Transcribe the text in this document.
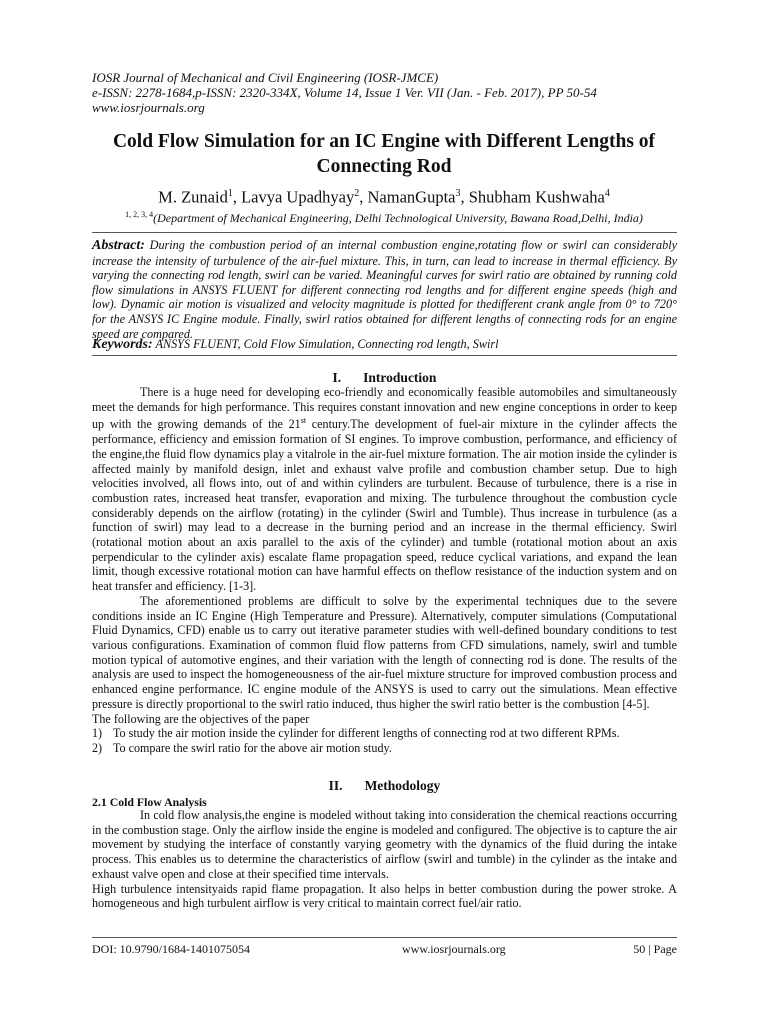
IOSR Journal of Mechanical and Civil Engineering (IOSR-JMCE)
e-ISSN: 2278-1684,p-ISSN: 2320-334X, Volume 14, Issue 1 Ver. VII (Jan. - Feb. 2017), PP 50-54
www.iosrjournals.org
Cold Flow Simulation for an IC Engine with Different Lengths of
Connecting Rod
M. Zunaid$^1$, Lavya Upadhyay$^2$, NamanGupta$^3$, Shubham Kushwaha$^4$
$^{1, 2, 3, 4}$(Department of Mechanical Engineering, Delhi Technological University, Bawana Road,Delhi, India)
Abstract: During the combustion period of an internal combustion engine,rotating flow or swirl can considerably increase the intensity of turbulence of the air-fuel mixture. This, in turn, can lead to increase in thermal efficiency. By varying the connecting rod length, swirl can be varied. Meaningful curves for swirl ratio are obtained by running cold flow simulations in ANSYS FLUENT for different connecting rod lengths and for different engine speeds (high and low). Dynamic air motion is visualized and velocity magnitude is plotted for thedifferent crank angle from 0° to 720° for the ANSYS IC Engine module. Finally, swirl ratios obtained for different lengths of connecting rods for an engine speed are compared.
Keywords: ANSYS FLUENT, Cold Flow Simulation, Connecting rod length, Swirl
I. Introduction

There is a huge need for developing eco-friendly and economically feasible automobiles and simultaneously meet the demands for high performance. This requires constant innovation and new engine conceptions in order to keep up with the growing demands of the 21st century.The development of fuel-air mixture in the cylinder affects the performance, efficiency and emission formation of SI engines. To improve combustion, performance, and efficiency of the engine,the fluid flow dynamics play a vitalrole in the air-fuel mixture formation. The air motion inside the cylinder is affected mainly by manifold design, inlet and exhaust valve profile and combustion chamber setup. Due to high velocities involved, all flows into, out of and within cylinders are turbulent. Because of turbulence, there is a rise in combustion rates, increased heat transfer, evaporation and mixing. The turbulence throughout the combustion cycle considerably depends on the airflow (rotating) in the cylinder (Swirl and Tumble). Thus increase in turbulence (as a function of swirl) may lead to a decrease in the burning period and an increase in the thermal efficiency. Swirl (rotational motion about an axis parallel to the axis of the cylinder) and tumble (rotational motion about an axis perpendicular to the cylinder axis) escalate flame propagation speed, reduce cyclical variations, and expand the lean limit, though excessive rotational motion can have harmful effects on theflow resistance of the induction system and on heat transfer and efficiency. [1-3].

The aforementioned problems are difficult to solve by the experimental techniques due to the severe conditions inside an IC Engine (High Temperature and Pressure). Alternatively, computer simulations (Computational Fluid Dynamics, CFD) enable us to carry out iterative parameter studies with well-defined boundary conditions to test various configurations. Examination of common fluid flow patterns from CFD simulations, namely, swirl and tumble motion typical of automotive engines, and their variation with the length of connecting rod is done. The results of the analysis are used to inspect the homogeneousness of the air-fuel mixture structure for improved combustion process and enhanced engine performance. IC engine module of the ANSYS is used to carry out the simulations. Mean effective pressure is directly proportional to the swirl ratio induced, thus higher the swirl ratio better is the combustion [4-5].

The following are the objectives of the paper

1) To study the air motion inside the cylinder for different lengths of connecting rod at two different RPMs.
2) To compare the swirl ratio for the above air motion study.
II. Methodology
2.1 Cold Flow Analysis

In cold flow analysis,the engine is modeled without taking into consideration the chemical reactions occurring in the combustion stage. Only the airflow inside the engine is modeled and configured. The objective is to capture the air movement by studying the interface of constantly varying geometry with the dynamics of the fluid during the intake process. This enables us to determine the characteristics of airflow (swirl and tumble) in the cylinder as the intake and exhaust valve open and close at their specified time intervals.

High turbulence intensityaids rapid flame propagation. It also helps in better combustion during the power stroke. A homogeneous and high turbulent airflow is very critical to maintain correct fuel/air ratio.

DOI: 10.9790/1684-1401075054	www.iosrjournals.org	50 | Page
